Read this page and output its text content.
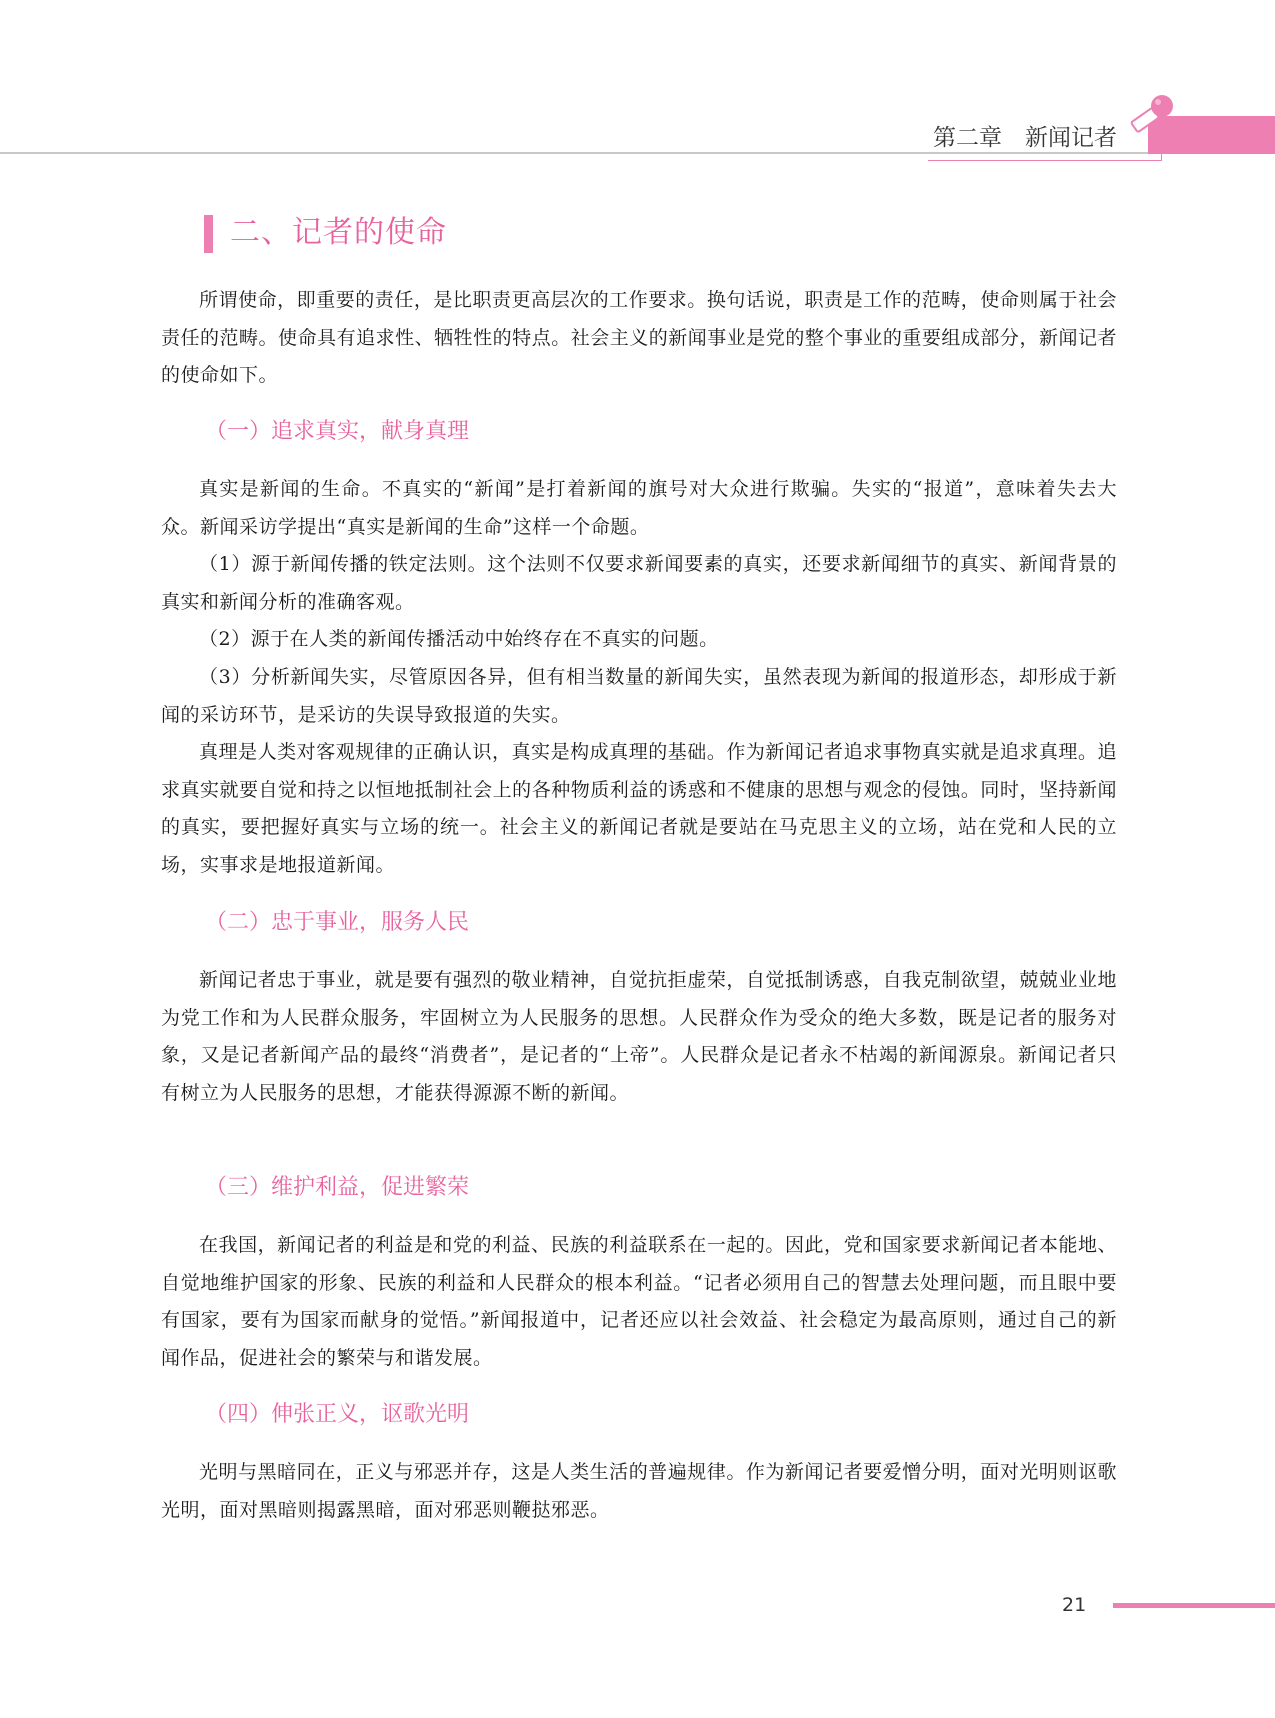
第二章　新闻记者
二、记者的使命

所谓使命，即重要的责任，是比职责更高层次的工作要求。换句话说，职责是工作的范畴，使命则属于社会责任的范畴。使命具有追求性、牺牲性的特点。社会主义的新闻事业是党的整个事业的重要组成部分，新闻记者的使命如下。

（一）追求真实，献身真理

真实是新闻的生命。不真实的“新闻”是打着新闻的旗号对大众进行欺骗。失实的“报道”，意味着失去大众。新闻采访学提出“真实是新闻的生命”这样一个命题。

（1）源于新闻传播的铁定法则。这个法则不仅要求新闻要素的真实，还要求新闻细节的真实、新闻背景的真实和新闻分析的准确客观。

（2）源于在人类的新闻传播活动中始终存在不真实的问题。

（3）分析新闻失实，尽管原因各异，但有相当数量的新闻失实，虽然表现为新闻的报道形态，却形成于新闻的采访环节，是采访的失误导致报道的失实。

真理是人类对客观规律的正确认识，真实是构成真理的基础。作为新闻记者追求事物真实就是追求真理。追求真实就要自觉和持之以恒地抵制社会上的各种物质利益的诱惑和不健康的思想与观念的侵蚀。同时，坚持新闻的真实，要把握好真实与立场的统一。社会主义的新闻记者就是要站在马克思主义的立场，站在党和人民的立场，实事求是地报道新闻。

（二）忠于事业，服务人民

新闻记者忠于事业，就是要有强烈的敬业精神，自觉抗拒虚荣，自觉抵制诱惑，自我克制欲望，兢兢业业地为党工作和为人民群众服务，牢固树立为人民服务的思想。人民群众作为受众的绝大多数，既是记者的服务对象，又是记者新闻产品的最终“消费者”，是记者的“上帝”。人民群众是记者永不枯竭的新闻源泉。新闻记者只有树立为人民服务的思想，才能获得源源不断的新闻。

（三）维护利益，促进繁荣

在我国，新闻记者的利益是和党的利益、民族的利益联系在一起的。因此，党和国家要求新闻记者本能地、自觉地维护国家的形象、民族的利益和人民群众的根本利益。“记者必须用自己的智慧去处理问题，而且眼中要有国家，要有为国家而献身的觉悟。”新闻报道中，记者还应以社会效益、社会稳定为最高原则，通过自己的新闻作品，促进社会的繁荣与和谐发展。

（四）伸张正义，讴歌光明

光明与黑暗同在，正义与邪恶并存，这是人类生活的普遍规律。作为新闻记者要爱憎分明，面对光明则讴歌光明，面对黑暗则揭露黑暗，面对邪恶则鞭挞邪恶。

21
